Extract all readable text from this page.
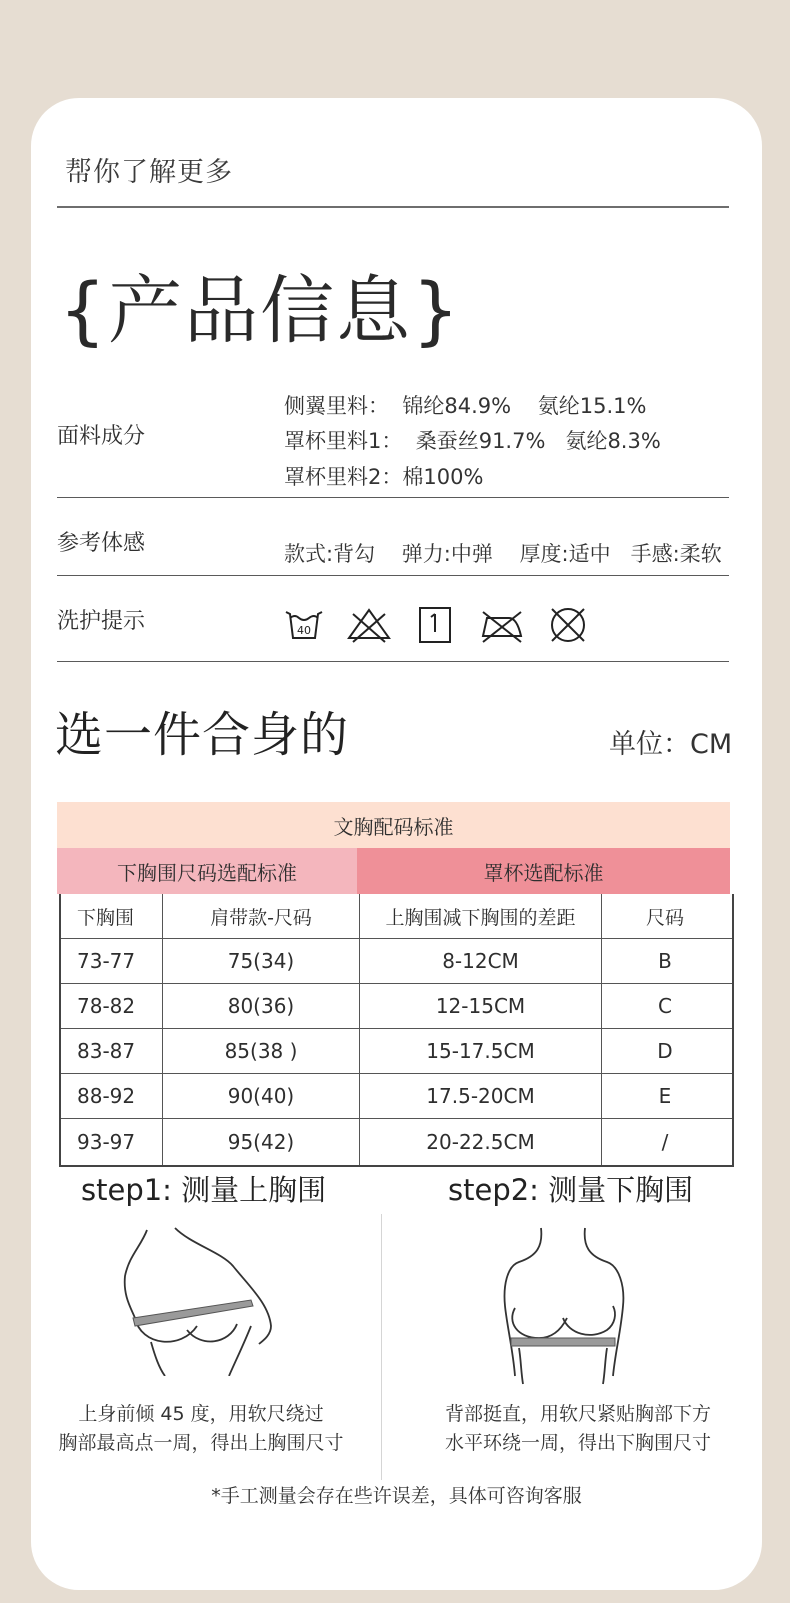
帮你了解更多
{产品信息}
面料成分
侧翼里料：  锦纶84.9%    氨纶15.1%
罩杯里料1：  桑蚕丝91.7%   氨纶8.3%
罩杯里料2：棉100%
参考体感	款式:背勾    弹力:中弹    厚度:适中   手感:柔软
洗护提示	40
选一件合身的	单位：CM
文胸配码标准
下胸围尺码选配标准	罩杯选配标准
下胸围	肩带款-尺码	上胸围减下胸围的差距	尺码
73-77	75(34)	8-12CM	B
78-82	80(36)	12-15CM	C
83-87	85(38 )	15-17.5CM	D
88-92	90(40)	17.5-20CM	E
93-97	95(42)	20-22.5CM	/
step1: 测量上胸围	step2: 测量下胸围
上身前倾 45 度，用软尺绕过
胸部最高点一周，得出上胸围尺寸
背部挺直，用软尺紧贴胸部下方
水平环绕一周，得出下胸围尺寸
*手工测量会存在些许误差，具体可咨询客服
